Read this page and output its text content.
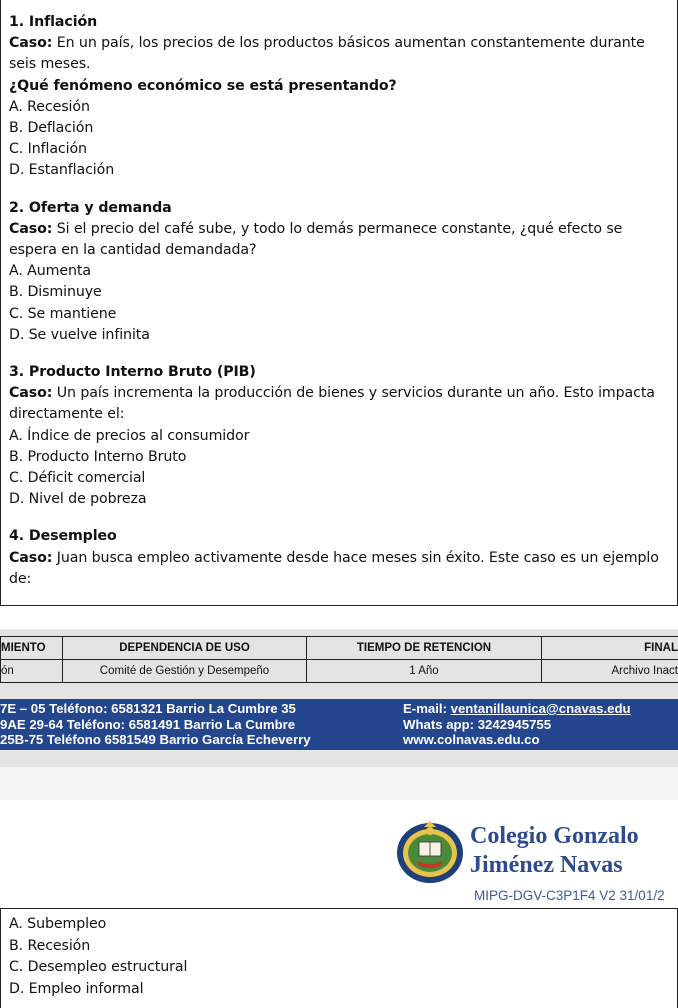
1. Inflación
Caso: En un país, los precios de los productos básicos aumentan constantemente durante
seis meses.
¿Qué fenómeno económico se está presentando?
A. Recesión
B. Deflación
C. Inflación
D. Estanflación
2. Oferta y demanda
Caso: Si el precio del café sube, y todo lo demás permanece constante, ¿qué efecto se
espera en la cantidad demandada?
A. Aumenta
B. Disminuye
C. Se mantiene
D. Se vuelve infinita
3. Producto Interno Bruto (PIB)
Caso: Un país incrementa la producción de bienes y servicios durante un año. Esto impacta
directamente el:
A. Índice de precios al consumidor
B. Producto Interno Bruto
C. Déficit comercial
D. Nivel de pobreza
4. Desempleo
Caso: Juan busca empleo activamente desde hace meses sin éxito. Este caso es un ejemplo
de:
MIENTO	DEPENDENCIA DE USO	TIEMPO DE RETENCION	FINAL
ón	Comité de Gestión y Desempeño	1 Año	Archivo Inact
35 7E – 05 Teléfono: 6581321 Barrio La Cumbre
9AE 29-64 Teléfono: 6581491 Barrio La Cumbre
25B-75 Teléfono 6581549 Barrio García Echeverry
E-mail: ventanillaunica@cnavas.edu
Whats app: 3242945755
www.colnavas.edu.co
Colegio Gonzalo
Jiménez Navas
MIPG-DGV-C3P1F4 V2 31/01/2
A. Subempleo
B. Recesión
C. Desempleo estructural
D. Empleo informal
